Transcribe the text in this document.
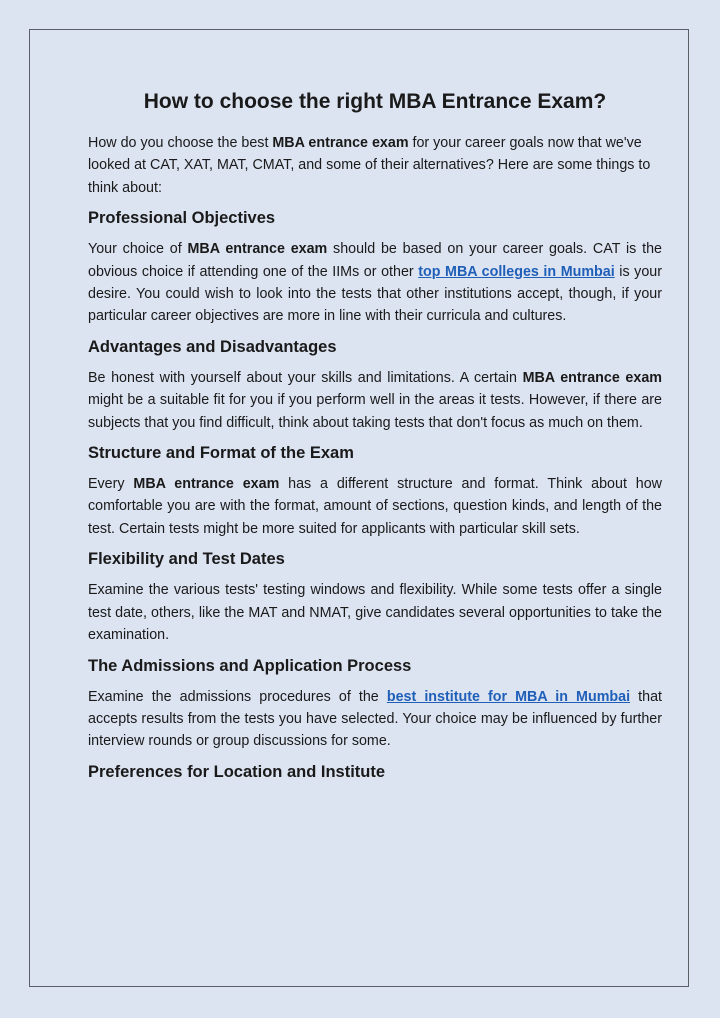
How to choose the right MBA Entrance Exam?

How do you choose the best MBA entrance exam for your career goals now that we've looked at CAT, XAT, MAT, CMAT, and some of their alternatives? Here are some things to think about:

Professional Objectives

Your choice of MBA entrance exam should be based on your career goals. CAT is the obvious choice if attending one of the IIMs or other top MBA colleges in Mumbai is your desire. You could wish to look into the tests that other institutions accept, though, if your particular career objectives are more in line with their curricula and cultures.

Advantages and Disadvantages

Be honest with yourself about your skills and limitations. A certain MBA entrance exam might be a suitable fit for you if you perform well in the areas it tests. However, if there are subjects that you find difficult, think about taking tests that don't focus as much on them.

Structure and Format of the Exam

Every MBA entrance exam has a different structure and format. Think about how comfortable you are with the format, amount of sections, question kinds, and length of the test. Certain tests might be more suited for applicants with particular skill sets.

Flexibility and Test Dates

Examine the various tests' testing windows and flexibility. While some tests offer a single test date, others, like the MAT and NMAT, give candidates several opportunities to take the examination.

The Admissions and Application Process

Examine the admissions procedures of the best institute for MBA in Mumbai that accepts results from the tests you have selected. Your choice may be influenced by further interview rounds or group discussions for some.

Preferences for Location and Institute
